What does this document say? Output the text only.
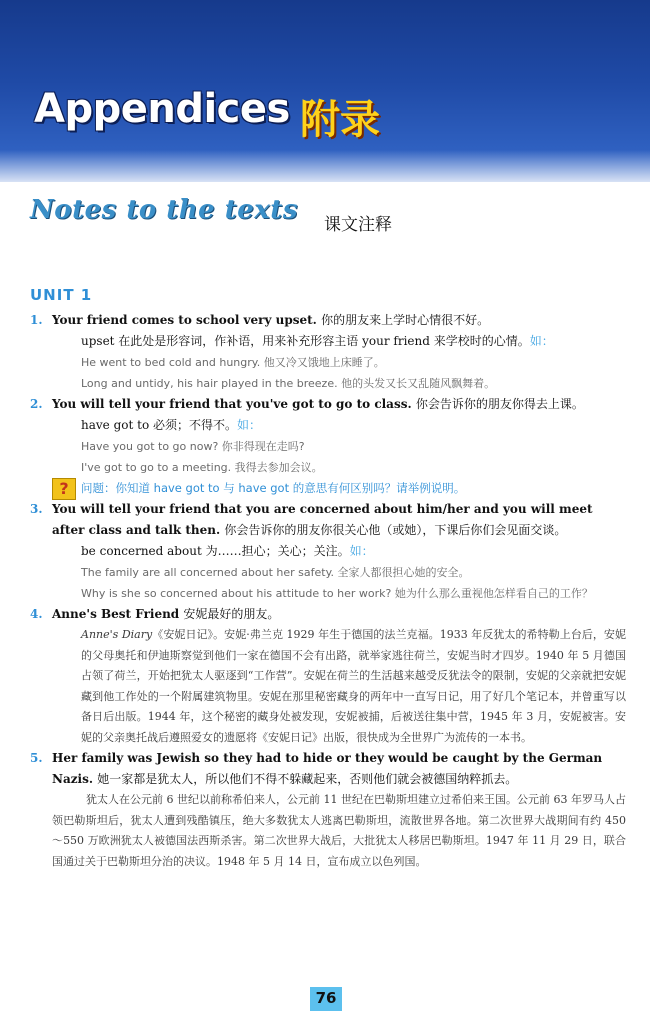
Appendices 附录
Notes to the texts 课文注释
UNIT 1
1. Your friend comes to school very upset. 你的朋友来上学时心情很不好。
upset 在此处是形容词，作补语，用来补充形容主语 your friend 来学校时的心情。如：
He went to bed cold and hungry. 他又冷又饿地上床睡了。
Long and untidy, his hair played in the breeze. 他的头发又长又乱随风飘舞着。
2. You will tell your friend that you've got to go to class. 你会告诉你的朋友你得去上课。
have got to 必须；不得不。如：
Have you got to go now? 你非得现在走吗?
I've got to go to a meeting. 我得去参加会议。
?	问题：你知道 have got to 与 have got 的意思有何区别吗？请举例说明。
3. You will tell your friend that you are concerned about him/her and you will meet after class and talk then. 你会告诉你的朋友你很关心他（或她），下课后你们会见面交谈。
be concerned about 为……担心；关心；关注。如：
The family are all concerned about her safety. 全家人都很担心她的安全。
Why is she so concerned about his attitude to her work? 她为什么那么重视他怎样看自己的工作？
4. Anne's Best Friend 安妮最好的朋友。
Anne's Diary《安妮日记》。安妮·弗兰克 1929 年生于德国的法兰克福。1933 年反犹太的希特勒上台后，安妮的父母奥托和伊迪斯察觉到他们一家在德国不会有出路，就举家逃往荷兰，安妮当时才四岁。1940 年 5 月德国占领了荷兰，开始把犹太人驱逐到“工作营”。安妮在荷兰的生活越来越受反犹法令的限制，安妮的父亲就把安妮藏到他工作处的一个附属建筑物里。安妮在那里秘密藏身的两年中一直写日记，用了好几个笔记本，并曾重写以备日后出版。1944 年，这个秘密的藏身处被发现，安妮被捕，后被送往集中营，1945 年 3 月，安妮被害。安妮的父亲奥托战后遵照爱女的遗愿将《安妮日记》出版，很快成为全世界广为流传的一本书。
5. Her family was Jewish so they had to hide or they would be caught by the German Nazis. 她一家都是犹太人，所以他们不得不躲藏起来，否则他们就会被德国纳粹抓去。
犹太人在公元前 6 世纪以前称希伯来人，公元前 11 世纪在巴勒斯坦建立过希伯来王国。公元前 63 年罗马人占领巴勒斯坦后，犹太人遭到残酷镇压，绝大多数犹太人逃离巴勒斯坦，流散世界各地。第二次世界大战期间有约 450～550 万欧洲犹太人被德国法西斯杀害。第二次世界大战后，大批犹太人移居巴勒斯坦。1947 年 11 月 29 日，联合国通过关于巴勒斯坦分治的决议。1948 年 5 月 14 日，宣布成立以色列国。
76
